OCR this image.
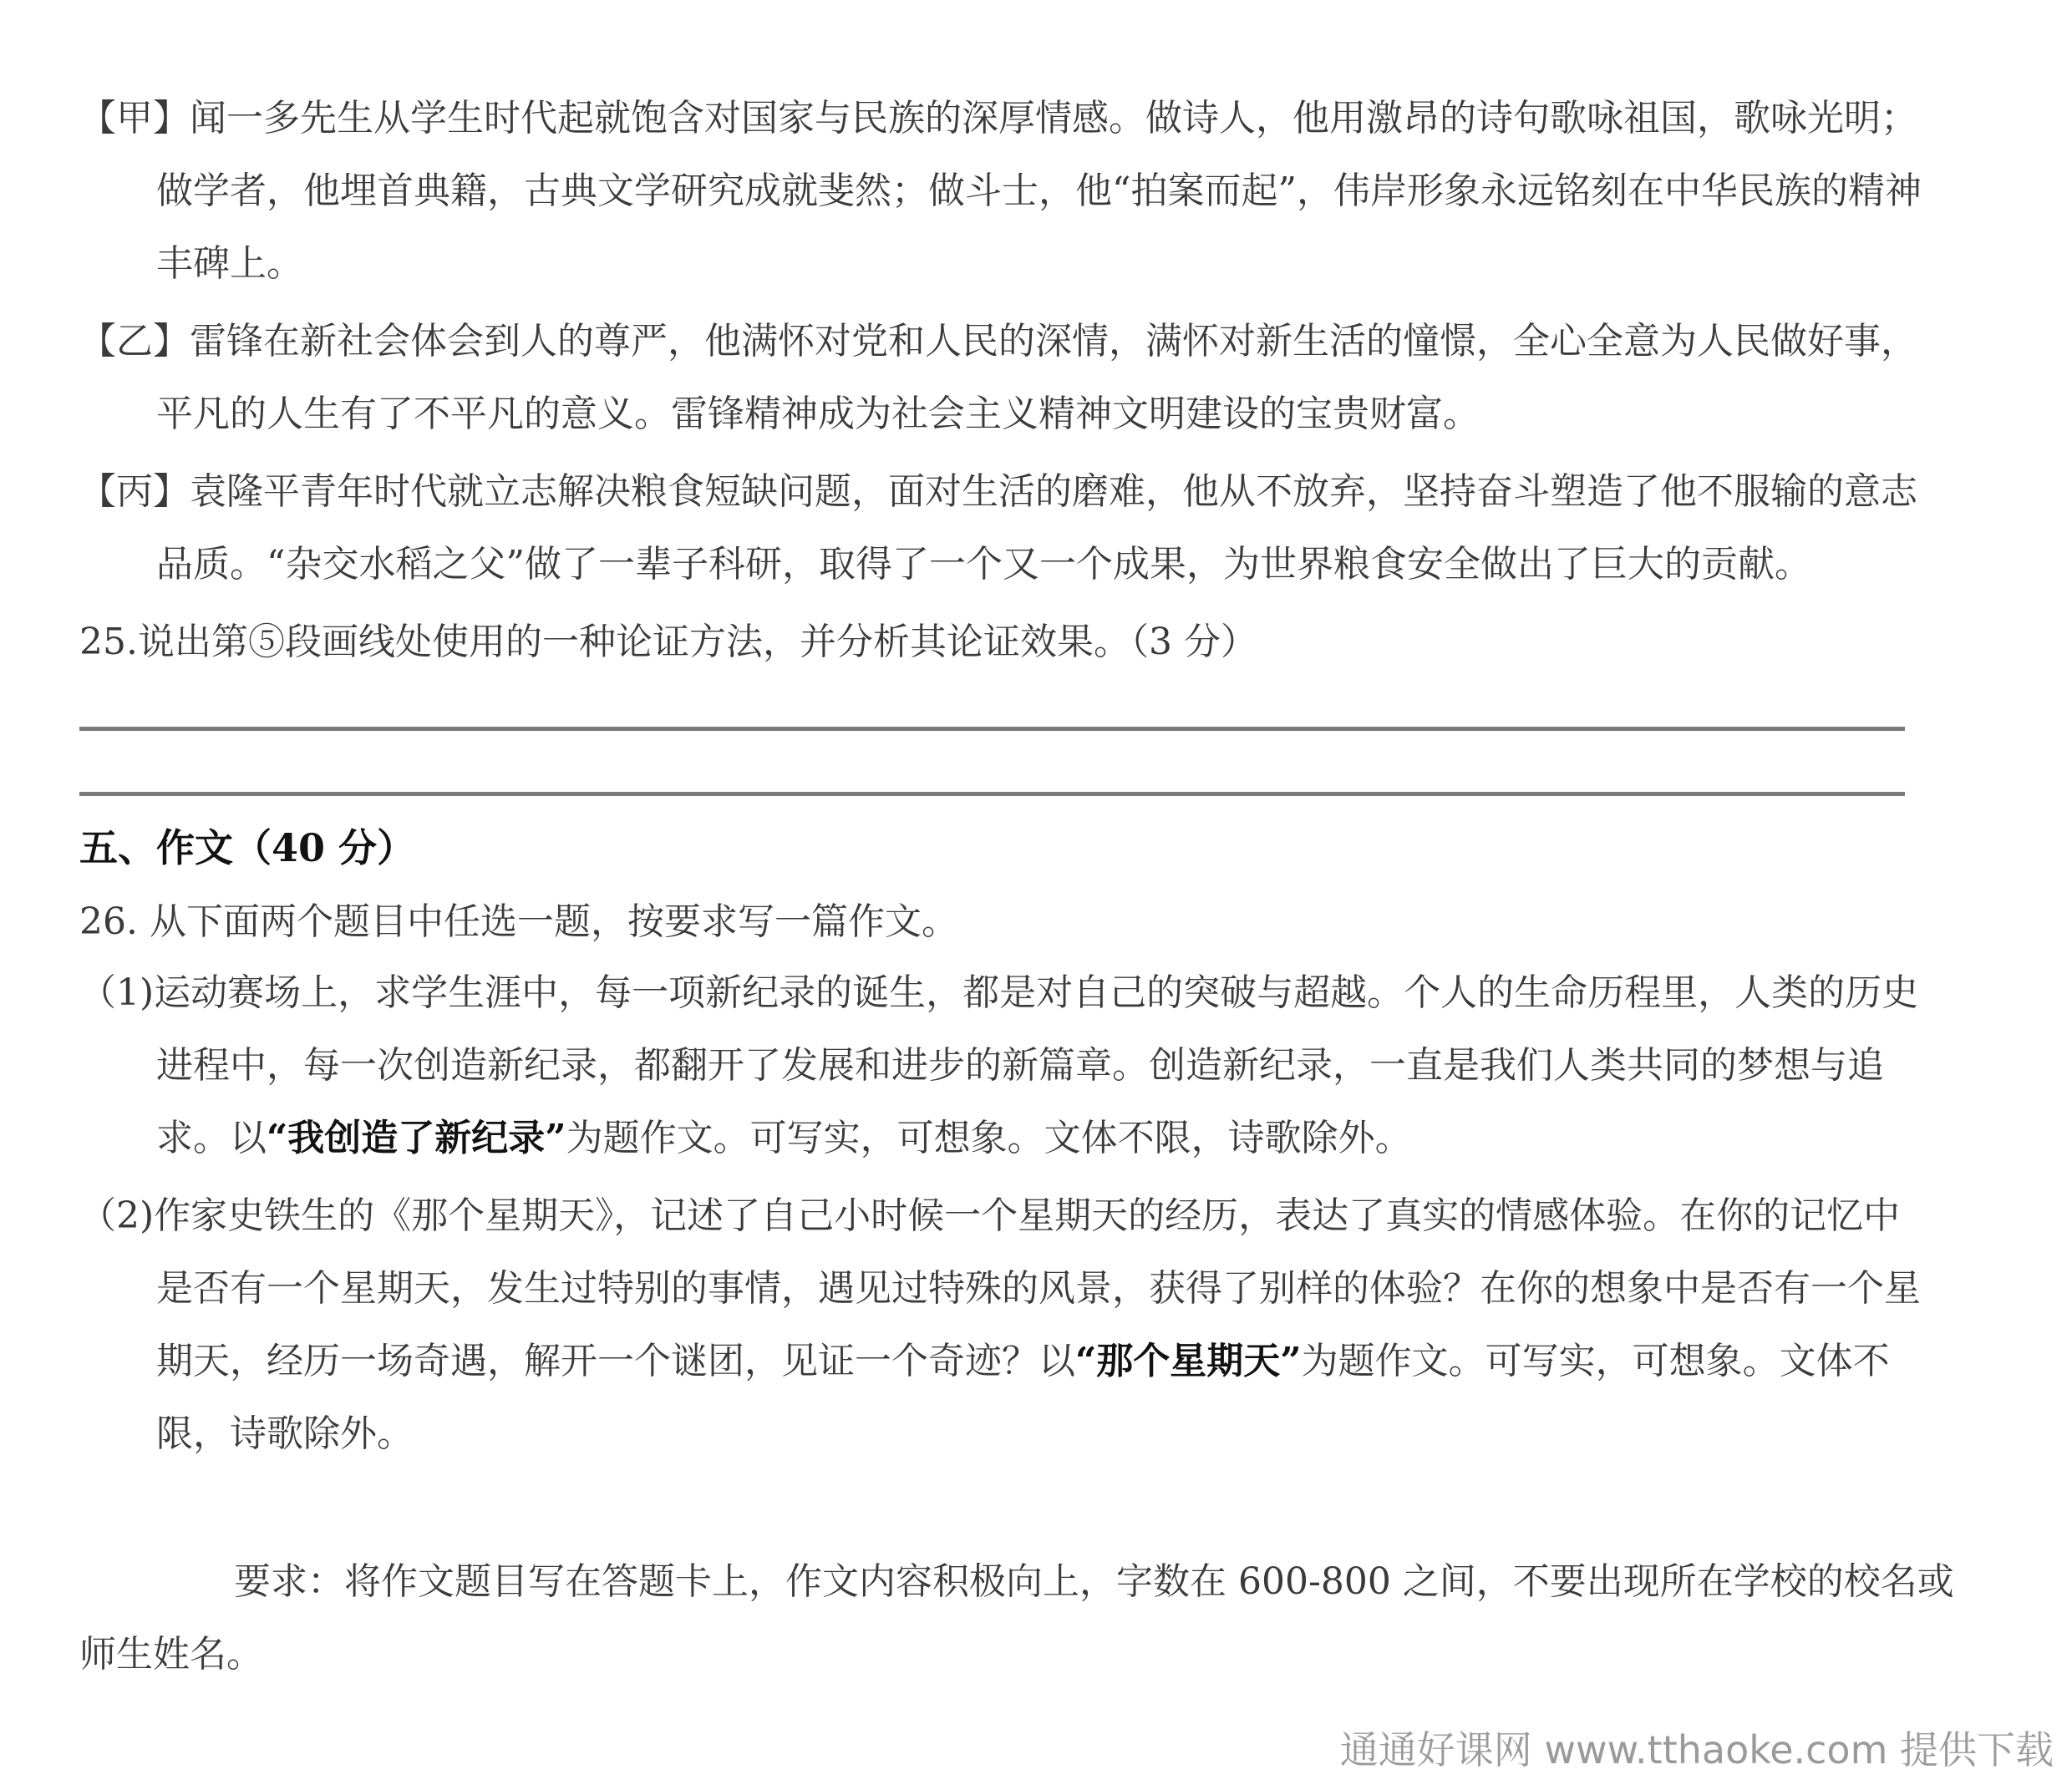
【甲】闻一多先生从学生时代起就饱含对国家与民族的深厚情感。做诗人，他用激昂的诗句歌咏祖国，歌咏光明；
做学者，他埋首典籍，古典文学研究成就斐然；做斗士，他“拍案而起”，伟岸形象永远铭刻在中华民族的精神
丰碑上。
【乙】雷锋在新社会体会到人的尊严，他满怀对党和人民的深情，满怀对新生活的憧憬，全心全意为人民做好事，
平凡的人生有了不平凡的意义。雷锋精神成为社会主义精神文明建设的宝贵财富。
【丙】袁隆平青年时代就立志解决粮食短缺问题，面对生活的磨难，他从不放弃，坚持奋斗塑造了他不服输的意志
品质。“杂交水稻之父”做了一辈子科研，取得了一个又一个成果，为世界粮食安全做出了巨大的贡献。
25.说出第⑤段画线处使用的一种论证方法，并分析其论证效果。（3 分）
五、作文（40 分）
26. 从下面两个题目中任选一题，按要求写一篇作文。
（1)运动赛场上，求学生涯中，每一项新纪录的诞生，都是对自己的突破与超越。个人的生命历程里，人类的历史
进程中，每一次创造新纪录，都翻开了发展和进步的新篇章。创造新纪录，一直是我们人类共同的梦想与追
求。以“我创造了新纪录”为题作文。可写实，可想象。文体不限，诗歌除外。
（2)作家史铁生的《那个星期天》，记述了自己小时候一个星期天的经历，表达了真实的情感体验。在你的记忆中
是否有一个星期天，发生过特别的事情，遇见过特殊的风景，获得了别样的体验？在你的想象中是否有一个星
期天，经历一场奇遇，解开一个谜团，见证一个奇迹？以“那个星期天”为题作文。可写实，可想象。文体不
限，诗歌除外。
要求：将作文题目写在答题卡上，作文内容积极向上，字数在 600-800 之间，不要出现所在学校的校名或
师生姓名。
通通好课网 www.tthaoke.com 提供下载
